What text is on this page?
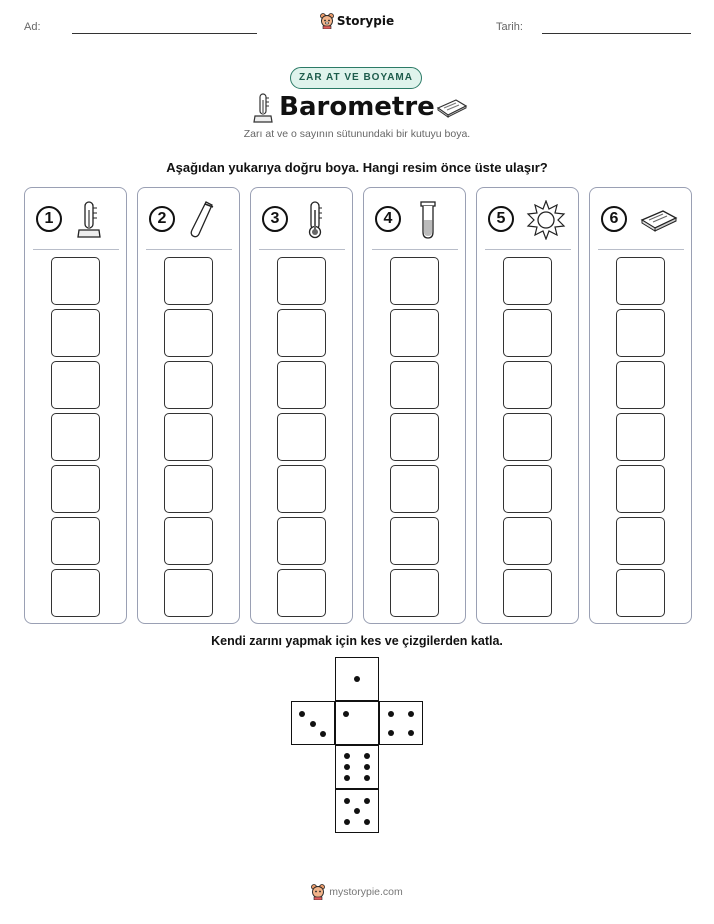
Ad:	Tarih:
Storypie
ZAR AT VE BOYAMA
Barometre
Zarı at ve o sayının sütunundaki bir kutuyu boya.
Aşağıdan yukarıya doğru boya. Hangi resim önce üste ulaşır?
1	2	3	4	5	6
Kendi zarını yapmak için kes ve çizgilerden katla.
mystorypie.com
